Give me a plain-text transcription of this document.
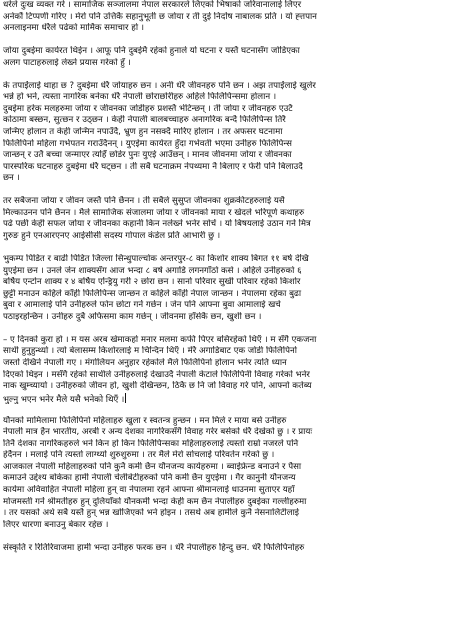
धरेले दुःख व्यक्त गरे । सामाजिक सञ्जालमा नेपाल सरकारले लिएको भिषाको जरिवानालाई लिएर
अनेकौं टिप्पणी गरिए । मेरो पनि उत्तिकै सहानुभूती छ जोया र ती दुई निर्दोष नाबालक प्रति । यो ह्त्तपान
अनलाइनमा धेरैले पढेको मार्मिक समाचार हो ।
जोया दुबईमा कार्यरत थिईन । आफू पनि दुबईमै रहेको हुनाले यो घटना र यस्तै घटनासँग जोडिएका
अलग पाटाहरुलाई लेख्ने प्रयास गरेको हुँ ।
के तपाईंलाई थाहा छ ? दुबईमा धेरै जोयाहरु छन । अनी धेरै जीवनहरु पनि छन । अझ तपाईंलाई खुलेर
भन्ने हो भने, त्यस्ता नागरिक बनेका धेरै नेपाली छोराछोरीहरु अहिले फिलिपिन्समा होलान ।
दुबईमा हरेक मलहरुमा जोया र जीवनका जोडीहरु प्रशस्तै भेटिन्छन् । ती जोया र जीवनहरु एउटै
कोठामा बस्छन, सुत्छन र उठ्छन । केही नेपाली बालबच्चाहरु अनागरिक बन्दै फिलिपिन्स तिरै
जन्मिए होलान त केही जन्मिन नपाउँदै, भ्रुण हुन नसक्दै मारिए होलान । तर अफसर घटनामा
फिलिपिनो महिला गर्भपतन गराउँदैनन् । युएईमा कार्यरत हुँदा गर्भवती भएमा उनीहरु फिलिपिन्स
जान्छन् र उतै बच्चा जन्माएर त्यहिँ छोडेर पुनः युएई आउँछन् । मानव जीवनमा जोया र जीवनका
पारस्परिक घटनाहरु दुबईमा धेरै घट्छन । ती सबै घटनाक्रम नेपथ्यमा नै बिलाए र फेरी पनि बिलाउदै
छन ।
तर सबैजना जोया र जीवन जस्तै पनि छैनन । ती सबैले सुसुप्त जीवनका शुक्रकीटहरुलाई यसै
मिल्काउनन पनि छैनन । मैले सामाजिक संजालमा जोया र जीवनको माया र खेदले भरिपूर्ण कथाहरु
पढे पछी केही सफल जोया र जीवनका कहानी किन नलेख्ने भनेर सोचें । यो बिषयलाई उठान गर्न मित्र
गुरुङ हुने एनआरएनए आईसीसी सदस्य गोपाल कंडेल प्रति आभारी छु ।
भुकम्प पिडित र बाढी पिडित जिल्ला सिन्धुपाल्चोक अन्तरपुर-८ का किशोर शाक्य बिगत ११ बर्ष देखि
युएईमा छन । उनले जेन शाक्यसँग आज भन्दा ८ बर्ष अगाडि लगनगाँठो कसे । अहिले उनीहरुको ६
बर्षिय एन्टोन शाक्य र ४ बर्षिय एन्ड्रियु गरी २ छोरा छन । सानो परिवार सुखी परिवार रहेको किशोर
छुट्टी मनाउन कहिले काँही फिलिपिन्स जान्छन त कहिले काँही नेपाल जान्छन । नेपालमा रहेका बुढा
बुवा र आमालाई पनि उनीहरुले फोन छोटा गर्ने गर्छन । जेन पनि आफ्ना बुवा आमालाई खर्च
पठाइरहन्छिन । उनीहरु दुबै अफिसमा काम गर्छन् । जीवनमा हाँसेकै छन, खुशी छन ।
– ए दिनको कुरा हो । म यस अरब खेमाकहो मनार मलमा कफी पिएर बसिरहेको थिएँ । म सँगै एकजना
साथी हुनुहुन्थ्यो । त्यो बेलासम्म किशोरलाई म चिन्दिन थिएँ । मेरै अगाडिबाट एक जोडी फिलिपिनो
जस्तो देखिने नेपाली गए । मंगोलियन अनुहार रहेकोले मैले फिलिपिनो होलान भनेर त्यति ध्यान
दिएको थिइन । मसँगै रहेको साथीले उनीहरुलाई देखाउदै नेपाली केटाले फिलिपिनी विवाह गरेको भनेर
नाक खुम्च्यायो । उनीहरुको जीवन हो, खुशी देखिन्छन, ठिकै छ नि जो विवाह गरे पनि, आफ्नो कर्तब्य
भुल्नु भएन भनेर मैले यसै भनेको थिएँ ।
यौनको मामिलामा फिलिपिनो महिलाहरु खुला र स्वतन्त्र हुन्छन । मन मिले र माया बसे उनीहरु
नेपाली मात्र हैन भारतीय, अरबी र अन्य देशका नागरिकसँगै विवाह गरेर बसेको धेरै देखेको छु । र प्रायः
तिनै देशका नागरिकहरुले भने किन हो किन फिलिपिन्सका महिलाहरुलाई त्यस्तो राम्रो नजरले पनि
हेर्दैनन । मलाई पनि त्यस्तो लाग्थ्यो शुरुशुरुमा । तर मैले मेरो सोचलाई परिवर्तन गरेको छु ।
आजकाल नेपाली महिलाहरुको पनि कुनै कमी छैन यौनजन्य कार्यहरुमा । ब्वाईफ्रेन्ड बनाउने र पैसा
कमाउने उद्देश्य बोकेका हामी नेपाली चेलीबेटीहरुको पनि कमी छैन युएईमा । गैर कानुनी यौनजन्य
कार्यमा अविवाहित नेपाली महिला हुन् वा नेपालमा रहने आफ्ना श्रीमानलाई धाउनमा सुताएर यहाँ
मोजमस्ती गर्ने श्रीमतीहरु हुन् दुलियोँको यौनकर्मी भन्दा केही कम छैन नेपालीहरु दुबईका गल्लीहरुमा
। तर यसको अर्थ सबै यस्तै हुन् भन्न खोजिएको भने होइन । तसर्थ अब हामीले कुनै नेसनालिटीलाई
लिएर धारणा बनाउनु बेकार रहेछ ।
संस्कृति र रितिरिवाजमा हामी भन्दा उनीहरु फरक छन । धेरै नेपालीहरु हिन्दु छन. धेरै फिलिपिनोहरु
